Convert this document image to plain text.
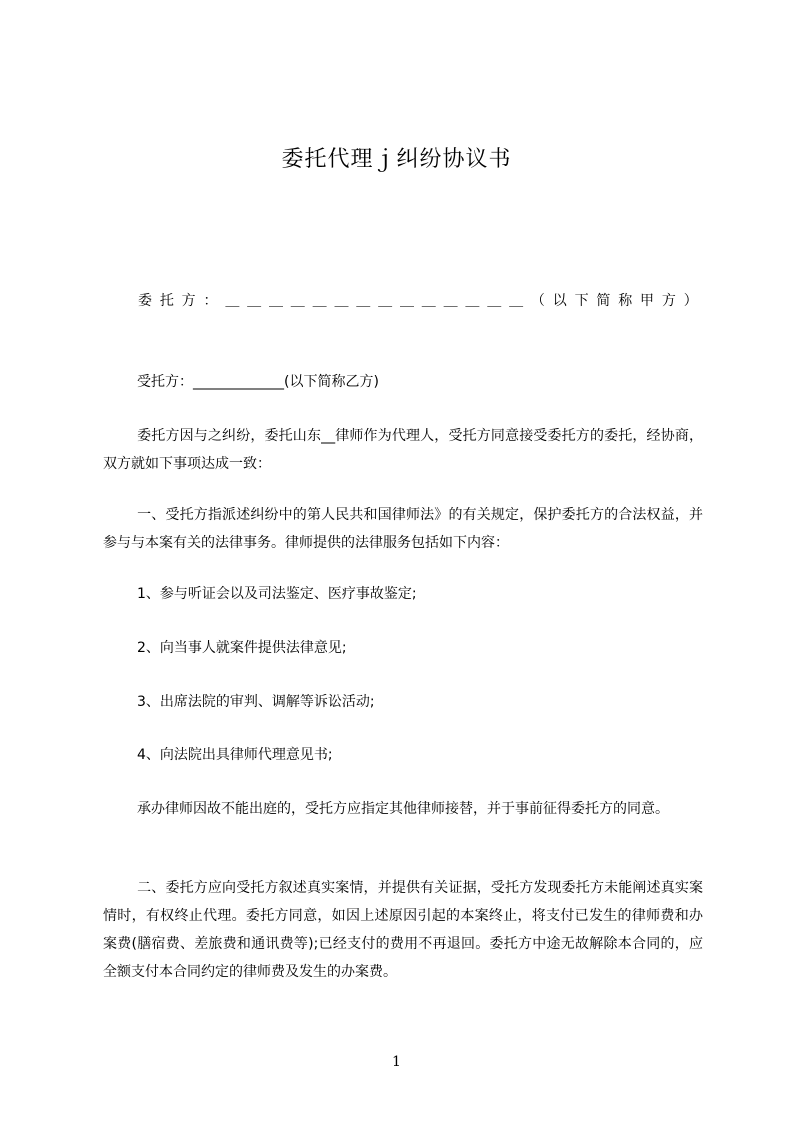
委托代理ｊ纠纷协议书
委 托 方 ： ＿ ＿ ＿ ＿ ＿ ＿ ＿ ＿ ＿ ＿ ＿ ＿ ＿ ＿ （ 以 下 简 称 甲 方 ）
受托方：_____________(以下简称乙方)
委托方因与之纠纷，委托山东__律师作为代理人，受托方同意接受委托方的委托，经协商，双方就如下事项达成一致：
一、受托方指派述纠纷中的第人民共和国律师法》的有关规定，保护委托方的合法权益，并参与与本案有关的法律事务。律师提供的法律服务包括如下内容：
1、参与听证会以及司法鉴定、医疗事故鉴定;
2、向当事人就案件提供法律意见;
3、出席法院的审判、调解等诉讼活动;
4、向法院出具律师代理意见书;
承办律师因故不能出庭的，受托方应指定其他律师接替，并于事前征得委托方的同意。
二、委托方应向受托方叙述真实案情，并提供有关证据，受托方发现委托方未能阐述真实案情时，有权终止代理。委托方同意，如因上述原因引起的本案终止，将支付已发生的律师费和办案费(膳宿费、差旅费和通讯费等);已经支付的费用不再退回。委托方中途无故解除本合同的，应全额支付本合同约定的律师费及发生的办案费。
1
